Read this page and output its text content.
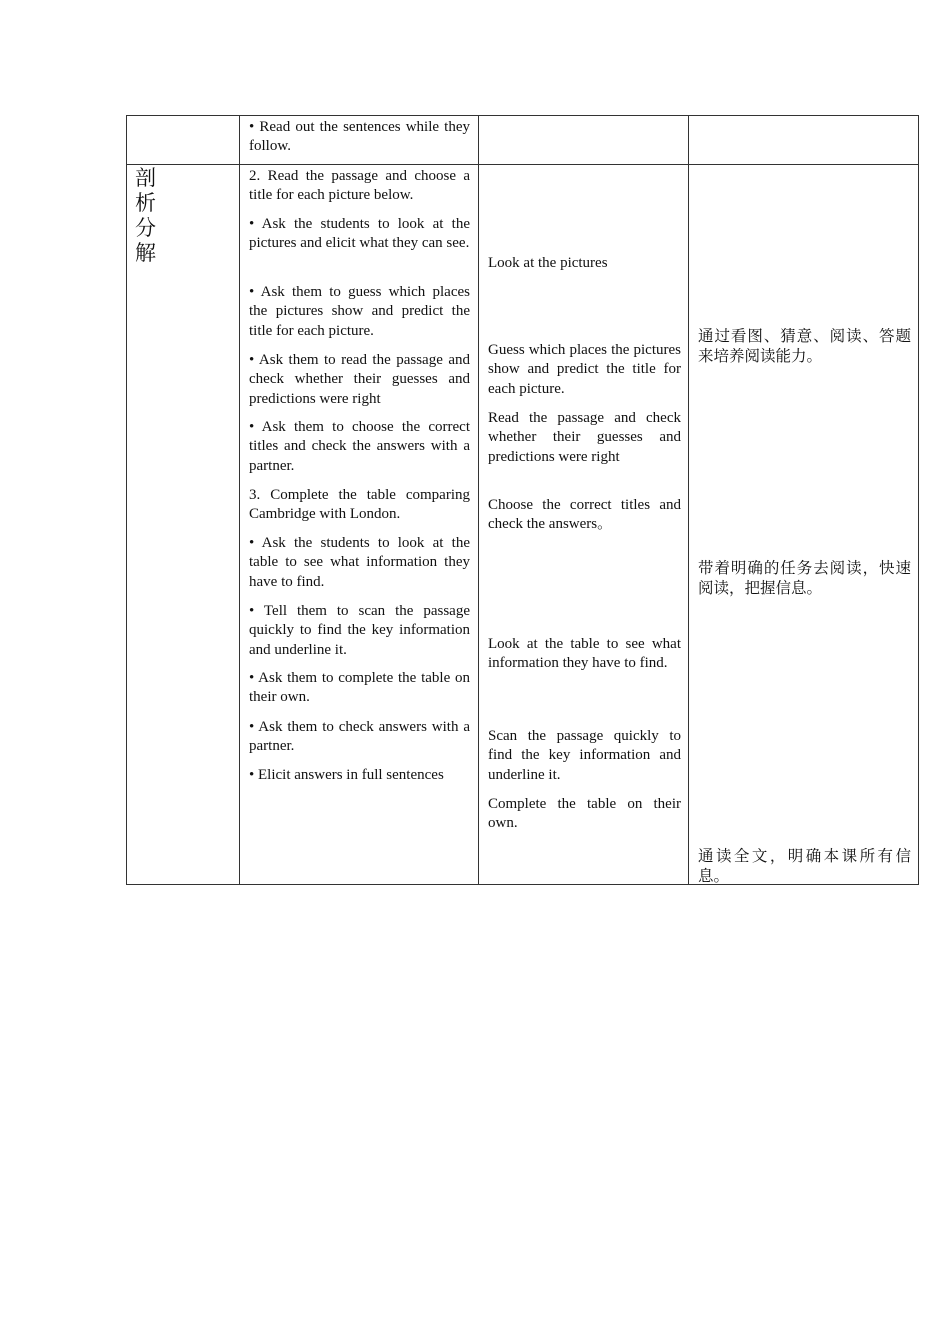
• Read out the sentences while they follow.
剖
析
分
解
2. Read the passage and choose a title for each picture below.
• Ask the students to look at the pictures and elicit what they can see.
• Ask them to guess which places the pictures show and predict the title for each picture.
• Ask them to read the passage and check whether their guesses and predictions were right
• Ask them to choose the correct titles and check the answers with a partner.
3. Complete the table comparing Cambridge with London.
• Ask the students to look at the table to see what information they have to find.
• Tell them to scan the passage quickly to find the key information and underline it.
• Ask them to complete the table on their own.
• Ask them to check answers with a partner.
• Elicit answers in full sentences
Look at the pictures
Guess which places the pictures show and predict the title for each picture.
Read the passage and check whether their guesses and predictions were right
Choose the correct titles and check the answers。
Look at the table to see what information they have to find.
Scan the passage quickly to find the key information and underline it.
Complete the table on their own.
通过看图、猜意、阅读、答题来培养阅读能力。
带着明确的任务去阅读，快速阅读，把握信息。
通读全文，明确本课所有信息。
